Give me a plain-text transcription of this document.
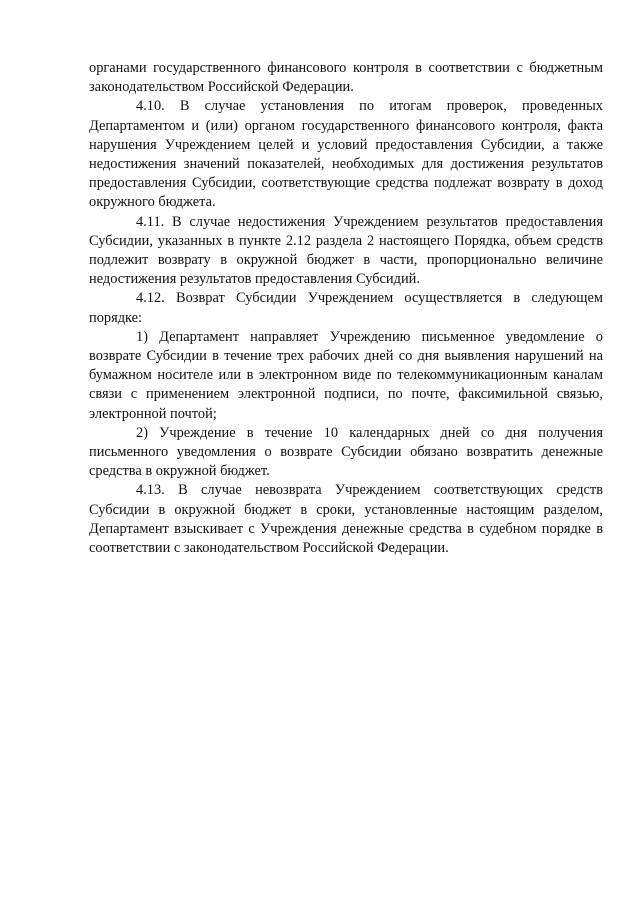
органами государственного финансового контроля в соответствии с бюджетным законодательством Российской Федерации.

4.10. В случае установления по итогам проверок, проведенных Департаментом и (или) органом государственного финансового контроля, факта нарушения Учреждением целей и условий предоставления Субсидии, а также недостижения значений показателей, необходимых для достижения результатов предоставления Субсидии, соответствующие средства подлежат возврату в доход окружного бюджета.

4.11. В случае недостижения Учреждением результатов предоставления Субсидии, указанных в пункте 2.12 раздела 2 настоящего Порядка, объем средств подлежит возврату в окружной бюджет в части, пропорционально величине недостижения результатов предоставления Субсидий.

4.12. Возврат Субсидии Учреждением осуществляется в следующем порядке:

1) Департамент направляет Учреждению письменное уведомление о возврате Субсидии в течение трех рабочих дней со дня выявления нарушений на бумажном носителе или в электронном виде по телекоммуникационным каналам связи с применением электронной подписи, по почте, факсимильной связью, электронной почтой;

2) Учреждение в течение 10 календарных дней со дня получения письменного уведомления о возврате Субсидии обязано возвратить денежные средства в окружной бюджет.

4.13. В случае невозврата Учреждением соответствующих средств Субсидии в окружной бюджет в сроки, установленные настоящим разделом, Департамент взыскивает с Учреждения денежные средства в судебном порядке в соответствии с законодательством Российской Федерации.
